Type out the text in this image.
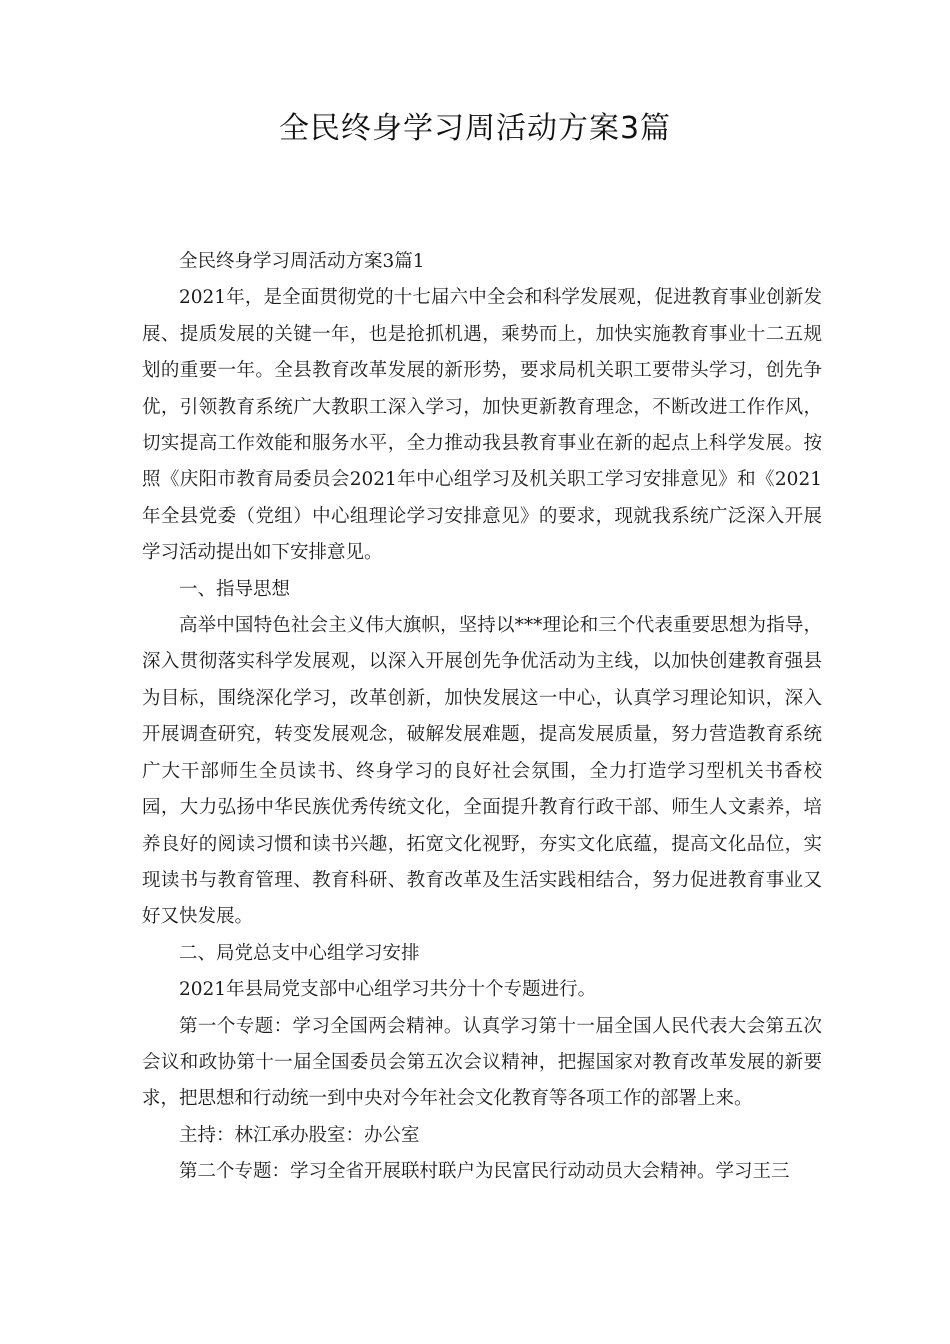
全民终身学习周活动方案3篇

全民终身学习周活动方案3篇1

2021年，是全面贯彻党的十七届六中全会和科学发展观，促进教育事业创新发展、提质发展的关键一年，也是抢抓机遇，乘势而上，加快实施教育事业十二五规划的重要一年。全县教育改革发展的新形势，要求局机关职工要带头学习，创先争优，引领教育系统广大教职工深入学习，加快更新教育理念，不断改进工作作风，切实提高工作效能和服务水平，全力推动我县教育事业在新的起点上科学发展。按照《庆阳市教育局委员会2021年中心组学习及机关职工学习安排意见》和《2021年全县党委（党组）中心组理论学习安排意见》的要求，现就我系统广泛深入开展学习活动提出如下安排意见。

一、指导思想

高举中国特色社会主义伟大旗帜，坚持以***理论和三个代表重要思想为指导，深入贯彻落实科学发展观，以深入开展创先争优活动为主线，以加快创建教育强县为目标，围绕深化学习，改革创新，加快发展这一中心，认真学习理论知识，深入开展调查研究，转变发展观念，破解发展难题，提高发展质量，努力营造教育系统广大干部师生全员读书、终身学习的良好社会氛围，全力打造学习型机关书香校园，大力弘扬中华民族优秀传统文化，全面提升教育行政干部、师生人文素养，培养良好的阅读习惯和读书兴趣，拓宽文化视野，夯实文化底蕴，提高文化品位，实现读书与教育管理、教育科研、教育改革及生活实践相结合，努力促进教育事业又好又快发展。

二、局党总支中心组学习安排

2021年县局党支部中心组学习共分十个专题进行。

第一个专题：学习全国两会精神。认真学习第十一届全国人民代表大会第五次会议和政协第十一届全国委员会第五次会议精神，把握国家对教育改革发展的新要求，把思想和行动统一到中央对今年社会文化教育等各项工作的部署上来。

主持：林江承办股室：办公室

第二个专题：学习全省开展联村联户为民富民行动动员大会精神。学习王三
